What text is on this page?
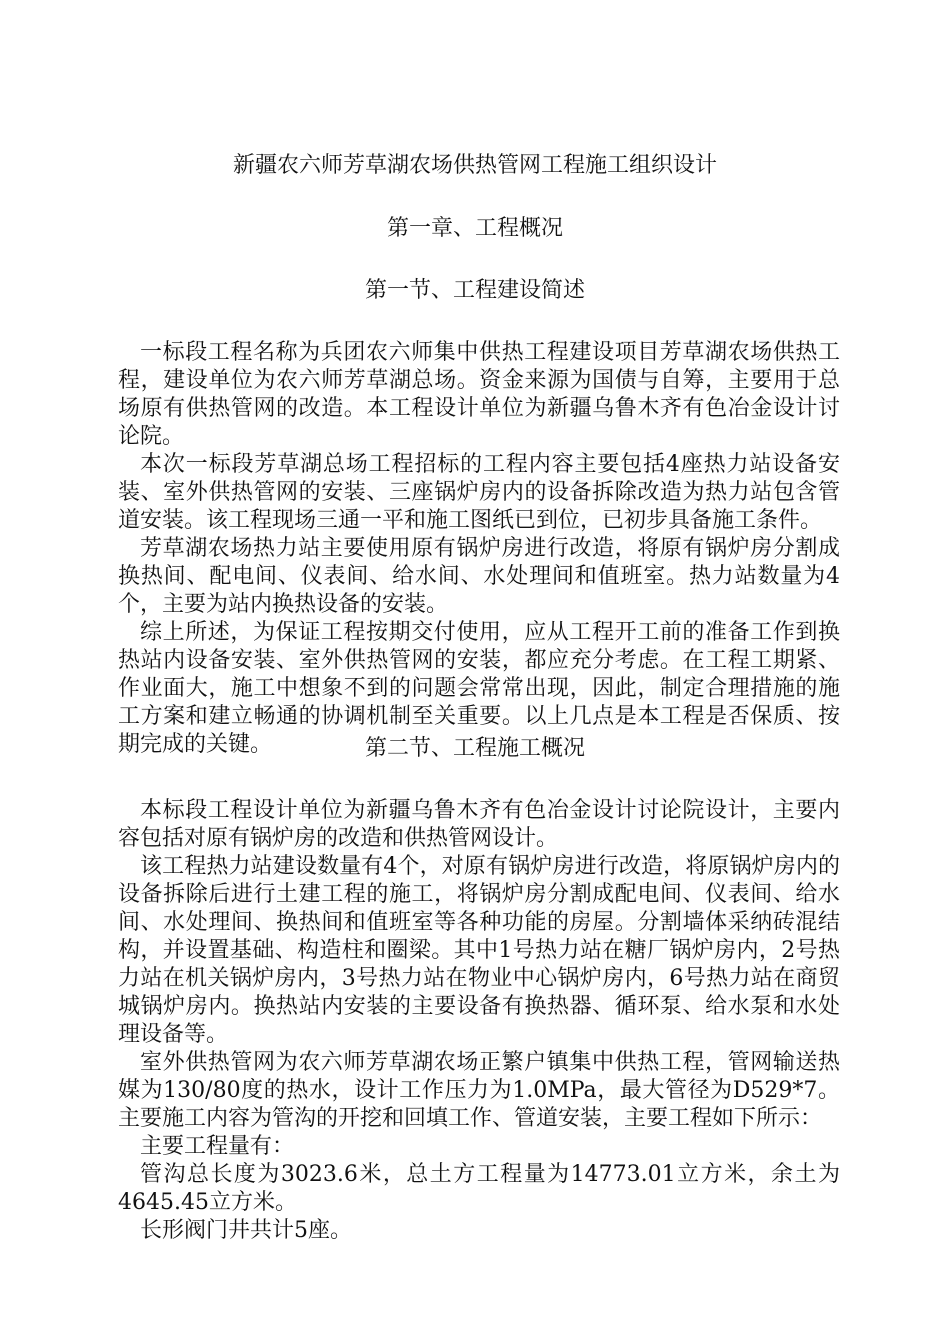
新疆农六师芳草湖农场供热管网工程施工组织设计
第一章、工程概况
第一节、工程建设简述

一标段工程名称为兵团农六师集中供热工程建设项目芳草湖农场供热工程，建设单位为农六师芳草湖总场。资金来源为国债与自筹，主要用于总场原有供热管网的改造。本工程设计单位为新疆乌鲁木齐有色冶金设计讨论院。

本次一标段芳草湖总场工程招标的工程内容主要包括4座热力站设备安装、室外供热管网的安装、三座锅炉房内的设备拆除改造为热力站包含管道安装。该工程现场三通一平和施工图纸已到位，已初步具备施工条件。

芳草湖农场热力站主要使用原有锅炉房进行改造，将原有锅炉房分割成换热间、配电间、仪表间、给水间、水处理间和值班室。热力站数量为4个，主要为站内换热设备的安装。

综上所述，为保证工程按期交付使用，应从工程开工前的准备工作到换热站内设备安装、室外供热管网的安装，都应充分考虑。在工程工期紧、作业面大，施工中想象不到的问题会常常出现，因此，制定合理措施的施工方案和建立畅通的协调机制至关重要。以上几点是本工程是否保质、按期完成的关键。	第二节、工程施工概况

本标段工程设计单位为新疆乌鲁木齐有色冶金设计讨论院设计，主要内容包括对原有锅炉房的改造和供热管网设计。

该工程热力站建设数量有4个，对原有锅炉房进行改造，将原锅炉房内的设备拆除后进行土建工程的施工，将锅炉房分割成配电间、仪表间、给水间、水处理间、换热间和值班室等各种功能的房屋。分割墙体采纳砖混结构，并设置基础、构造柱和圈梁。其中1号热力站在糖厂锅炉房内，2号热力站在机关锅炉房内，3号热力站在物业中心锅炉房内，6号热力站在商贸城锅炉房内。换热站内安装的主要设备有换热器、循环泵、给水泵和水处理设备等。

室外供热管网为农六师芳草湖农场正繁户镇集中供热工程，管网输送热媒为130/80度的热水，设计工作压力为1.0MPa，最大管径为D529*7。主要施工内容为管沟的开挖和回填工作、管道安装，主要工程如下所示：

主要工程量有：

管沟总长度为3023.6米，总土方工程量为14773.01立方米，余土为4645.45立方米。

长形阀门井共计5座。
